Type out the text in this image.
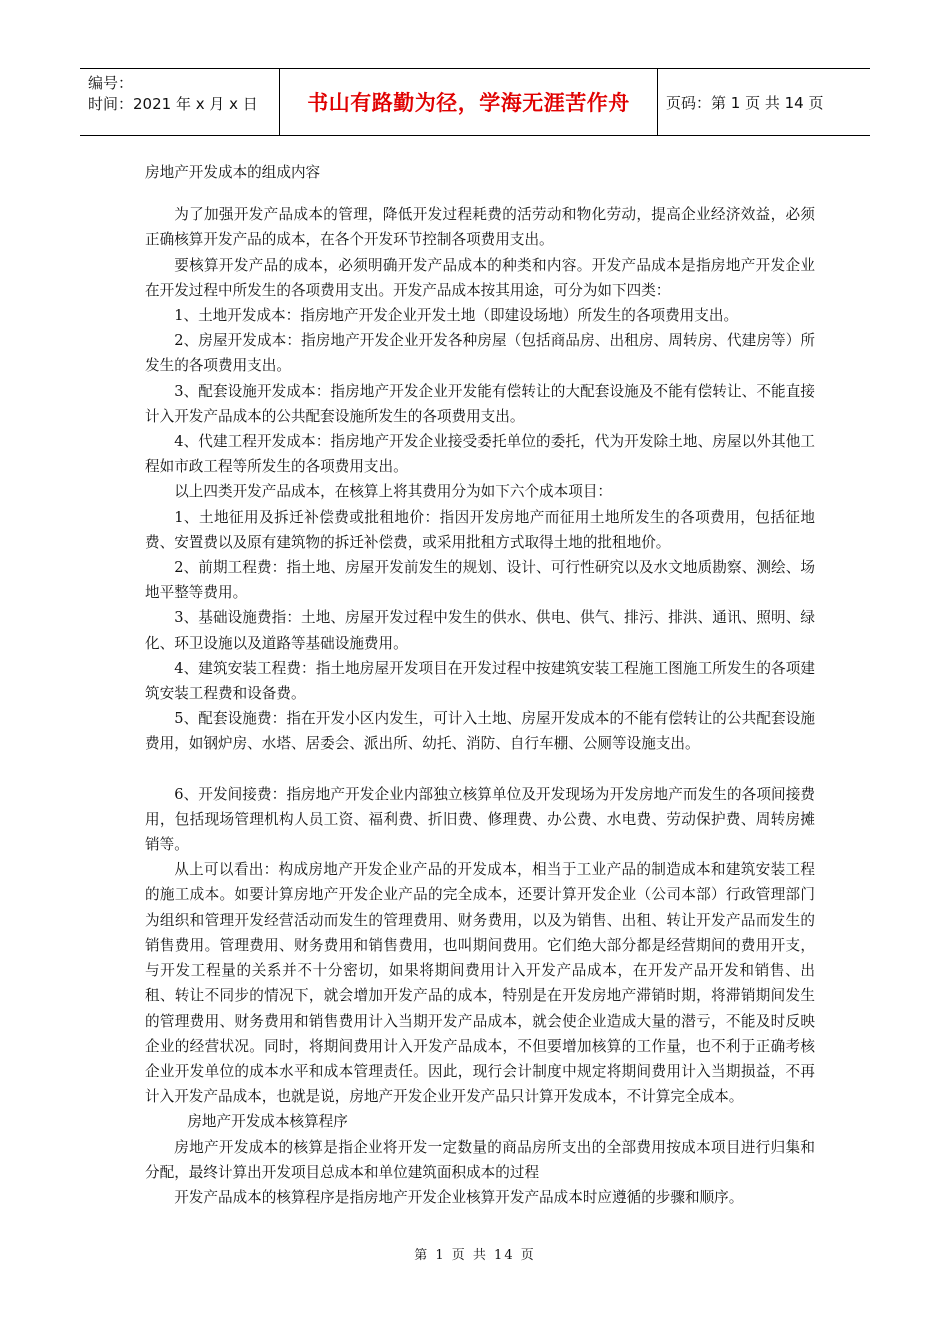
编号：
时间：2021 年 x 月 x 日	书山有路勤为径，学海无涯苦作舟	页码：第 1 页 共 14 页

房地产开发成本的组成内容

为了加强开发产品成本的管理，降低开发过程耗费的活劳动和物化劳动，提高企业经济效益，必须正确核算开发产品的成本，在各个开发环节控制各项费用支出。

要核算开发产品的成本，必须明确开发产品成本的种类和内容。开发产品成本是指房地产开发企业在开发过程中所发生的各项费用支出。开发产品成本按其用途，可分为如下四类：

1、土地开发成本：指房地产开发企业开发土地（即建设场地）所发生的各项费用支出。

2、房屋开发成本：指房地产开发企业开发各种房屋（包括商品房、出租房、周转房、代建房等）所发生的各项费用支出。

3、配套设施开发成本：指房地产开发企业开发能有偿转让的大配套设施及不能有偿转让、不能直接计入开发产品成本的公共配套设施所发生的各项费用支出。

4、代建工程开发成本：指房地产开发企业接受委托单位的委托，代为开发除土地、房屋以外其他工程如市政工程等所发生的各项费用支出。

以上四类开发产品成本，在核算上将其费用分为如下六个成本项目：

1、土地征用及拆迁补偿费或批租地价：指因开发房地产而征用土地所发生的各项费用，包括征地费、安置费以及原有建筑物的拆迁补偿费，或采用批租方式取得土地的批租地价。

2、前期工程费：指土地、房屋开发前发生的规划、设计、可行性研究以及水文地质勘察、测绘、场地平整等费用。

3、基础设施费指：土地、房屋开发过程中发生的供水、供电、供气、排污、排洪、通讯、照明、绿化、环卫设施以及道路等基础设施费用。

4、建筑安装工程费：指土地房屋开发项目在开发过程中按建筑安装工程施工图施工所发生的各项建筑安装工程费和设备费。

5、配套设施费：指在开发小区内发生，可计入土地、房屋开发成本的不能有偿转让的公共配套设施费用，如钢炉房、水塔、居委会、派出所、幼托、消防、自行车棚、公厕等设施支出。

6、开发间接费：指房地产开发企业内部独立核算单位及开发现场为开发房地产而发生的各项间接费用，包括现场管理机构人员工资、福利费、折旧费、修理费、办公费、水电费、劳动保护费、周转房摊销等。

从上可以看出：构成房地产开发企业产品的开发成本，相当于工业产品的制造成本和建筑安装工程的施工成本。如要计算房地产开发企业产品的完全成本，还要计算开发企业（公司本部）行政管理部门为组织和管理开发经营活动而发生的管理费用、财务费用，以及为销售、出租、转让开发产品而发生的销售费用。管理费用、财务费用和销售费用，也叫期间费用。它们绝大部分都是经营期间的费用开支，与开发工程量的关系并不十分密切，如果将期间费用计入开发产品成本，在开发产品开发和销售、出租、转让不同步的情况下，就会增加开发产品的成本，特别是在开发房地产滞销时期，将滞销期间发生的管理费用、财务费用和销售费用计入当期开发产品成本，就会使企业造成大量的潜亏，不能及时反映企业的经营状况。同时，将期间费用计入开发产品成本，不但要增加核算的工作量，也不利于正确考核企业开发单位的成本水平和成本管理责任。因此，现行会计制度中规定将期间费用计入当期损益，不再计入开发产品成本，也就是说，房地产开发企业开发产品只计算开发成本，不计算完全成本。

房地产开发成本核算程序

房地产开发成本的核算是指企业将开发一定数量的商品房所支出的全部费用按成本项目进行归集和分配，最终计算出开发项目总成本和单位建筑面积成本的过程

开发产品成本的核算程序是指房地产开发企业核算开发产品成本时应遵循的步骤和顺序。

第 1 页 共 14 页
